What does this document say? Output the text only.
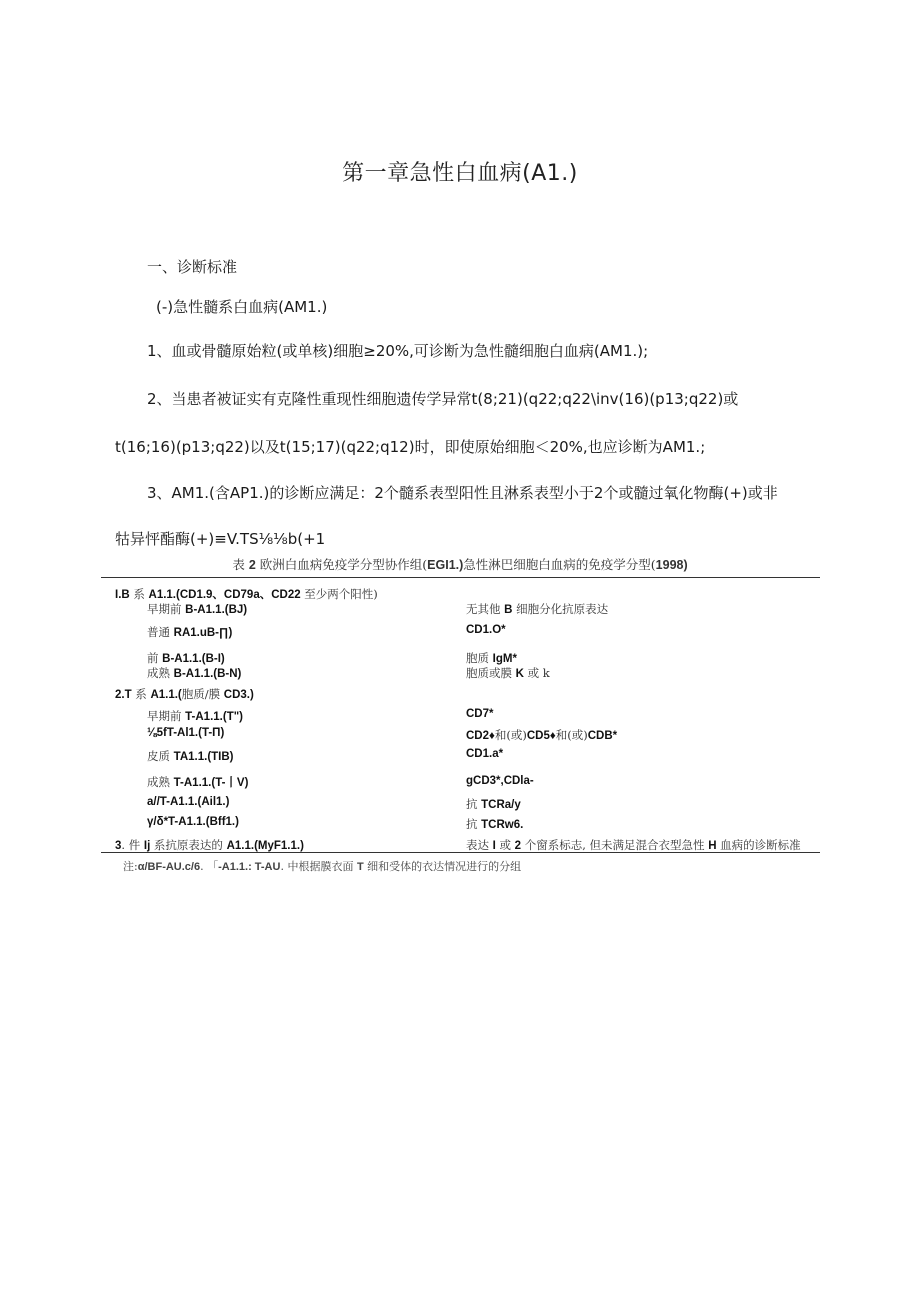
第一章急性白血病(A1.)
一、诊断标准
(-)急性髓系白血病(AM1.)
1、血或骨髓原始粒(或单核)细胞≥20%,可诊断为急性髓细胞白血病(AM1.);
2、当患者被证实有克隆性重现性细胞遗传学异常t(8;21)(q22;q22\inv(16)(p13;q22)或
t(16;16)(p13;q22)以及t(15;17)(q22;q12)时，即使原始细胞＜20%,也应诊断为AM1.;
3、AM1.(含AP1.)的诊断应满足：2个髓系表型阳性且淋系表型小于2个或髓过氧化物酶(+)或非
牯异怦酯酶(+)≡V.TS⅛⅛b(+1
表 2 欧洲白血病免疫学分型协作组(EGI1.)急性淋巴细胞白血病的免疫学分型(1998)
I.B 系 A1.1.(CD1.9、CD79a、CD22 至少两个阳性)
早期前 B-A1.1.(BJ)	无其他 B 细胞分化抗原表达
普通 RA1.uB-∏)	CD1.O*
前 B-A1.1.(B-I)	胞质 IgM*
成熟 B-A1.1.(B-N)	胞质或膜 K 或 k
2.T 系 A1.1.(胞质/膜 CD3.)
早期前 T-A1.1.(T")	CD7*
⅛5fT-Al1.(T-Π)	CD2♦和(或)CD5♦和(或)CDB*
皮质 TA1.1.(TIB)	CD1.a*
成熟 T-A1.1.(T-丨V)	gCD3*,CDla-
a//T-A1.1.(Ail1.)	抗 TCRa/y
γ/δ*T-A1.1.(Bff1.)	抗 TCRw6.
3. 件 Ij 系抗原表达的 A1.1.(MyF1.1.)	表达 I 或 2 个窗系标志, 但未满足混合衣型急性 H 血病的诊断标准
注:α/BF-AU.c/6. 「-A1.1.: T-AU. 中根据膜衣面 T 细和受体的衣达情况进行的分组
